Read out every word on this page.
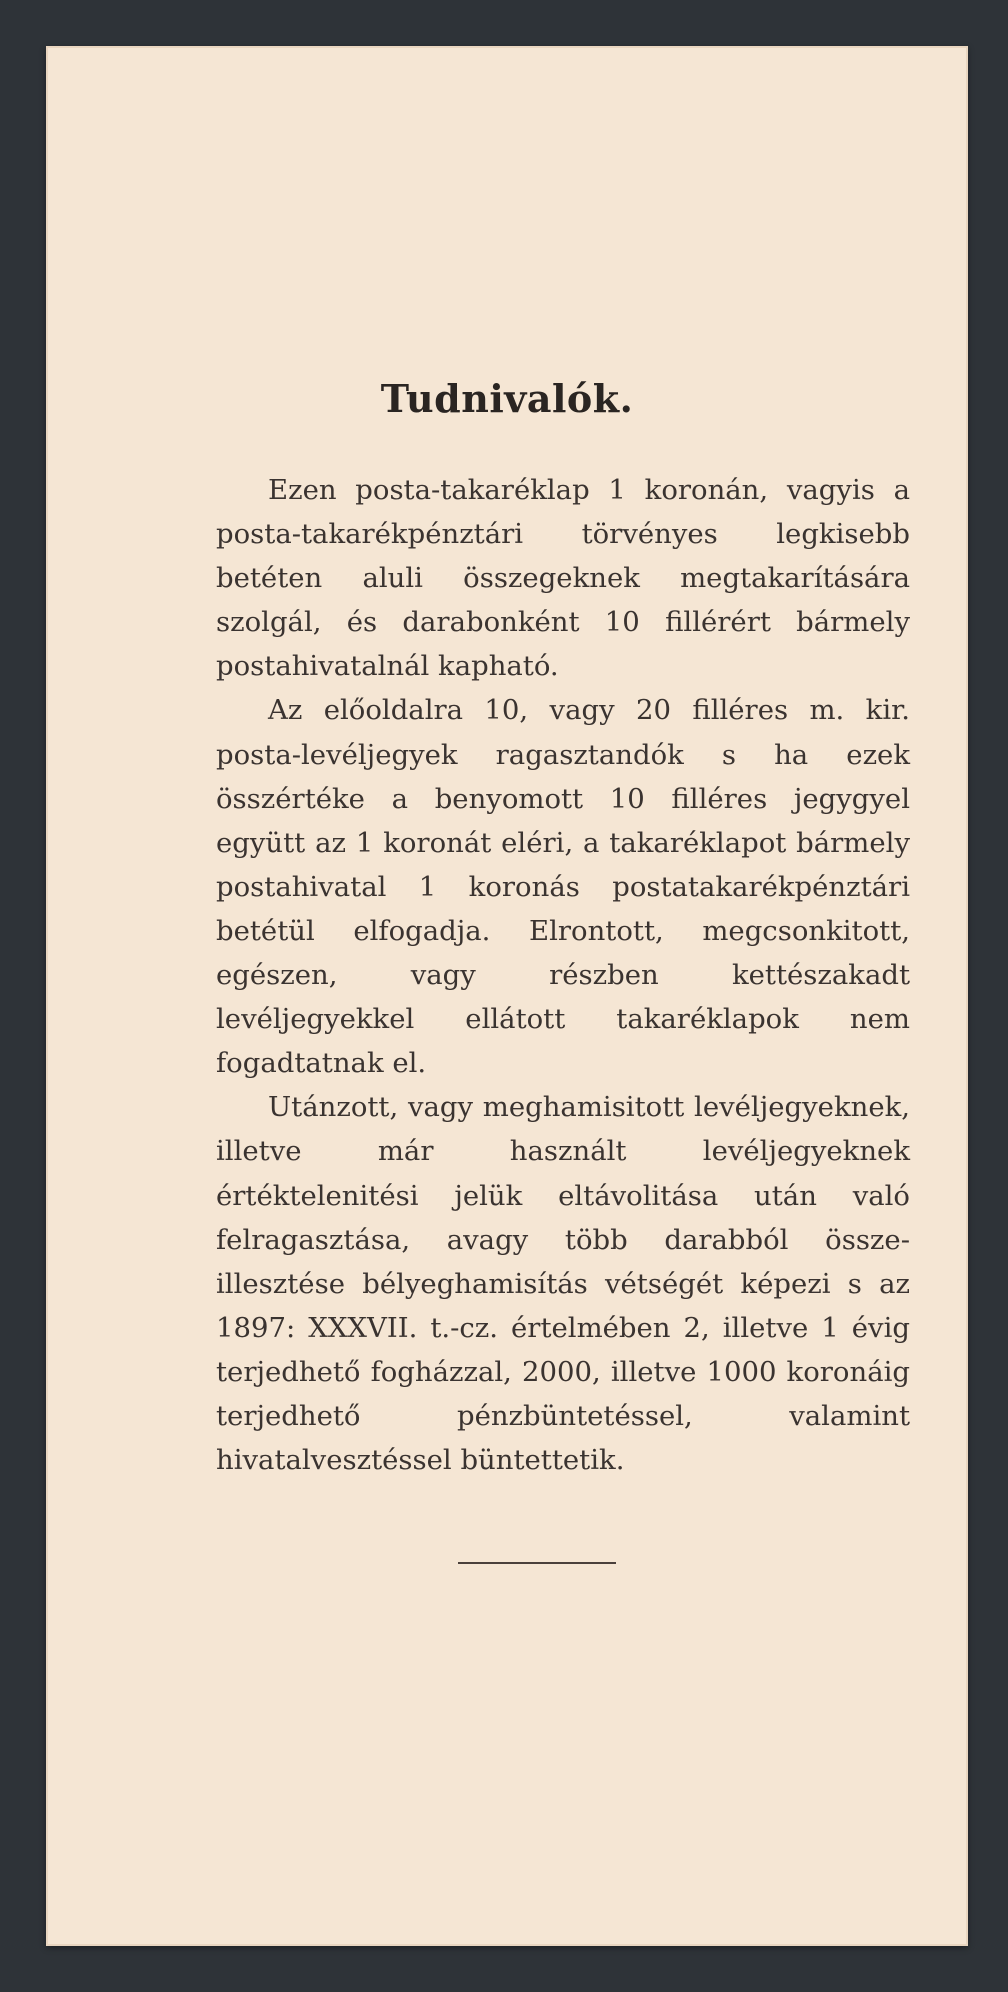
Tudnivalók.

Ezen posta-takaréklap 1 koronán, vagyis a posta-takarékpénztári törvényes legkisebb betéten aluli összegeknek megtakarítására szolgál, és darabonként 10 fillérért bármely postahivatalnál kapható.

Az előoldalra 10, vagy 20 filléres m. kir. posta-levéljegyek ragasztandók s ha ezek összértéke a benyomott 10 filléres jegygyel együtt az 1 koronát eléri, a takaréklapot bármely postahivatal 1 koronás postatakarékpénztári betétül elfogadja. Elrontott, megcsonkitott, egészen, vagy részben kettészakadt levéljegyekkel ellátott takaréklapok nem fogadtatnak el.

Utánzott, vagy meghamisitott levéljegyeknek, illetve már használt levéljegyeknek értéktelenitési jelük eltávolitása után való felragasztása, avagy több darabból összeillesztése bélyeghamisítás vétségét képezi s az 1897: XXXVII. t.-cz. értelmében 2, illetve 1 évig terjedhető fogházzal, 2000, illetve 1000 koronáig terjedhető pénzbüntetéssel, valamint hivatalvesztéssel büntettetik.
